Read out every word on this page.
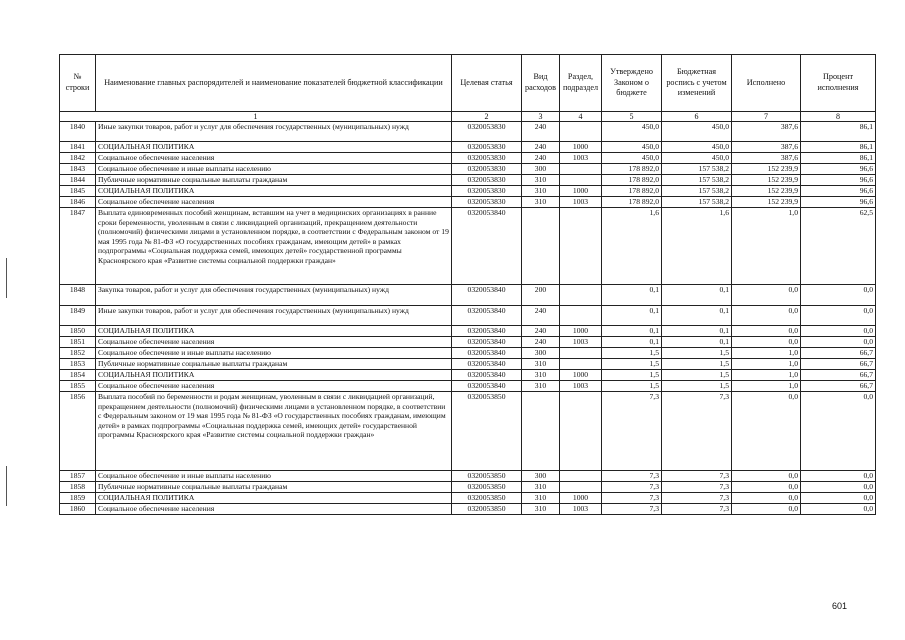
№ строки	Наименование главных распорядителей и наименование показателей бюджетной классификации	Целевая статья	Вид расходов	Раздел, подраздел	Утверждено Законом о бюджете	Бюджетная роспись с учетом изменений	Исполнено	Процент исполнения
1		2	3	4	5	6	7	8
1840	Иные закупки товаров, работ и услуг для обеспечения государственных (муниципальных) нужд	0320053830	240		450,0	450,0	387,6	86,1
1841	СОЦИАЛЬНАЯ ПОЛИТИКА	0320053830	240	1000	450,0	450,0	387,6	86,1
1842	Социальное обеспечение населения	0320053830	240	1003	450,0	450,0	387,6	86,1
1843	Социальное обеспечение и иные выплаты населению	0320053830	300		178 892,0	157 538,2	152 239,9	96,6
1844	Публичные нормативные социальные выплаты гражданам	0320053830	310		178 892,0	157 538,2	152 239,9	96,6
1845	СОЦИАЛЬНАЯ ПОЛИТИКА	0320053830	310	1000	178 892,0	157 538,2	152 239,9	96,6
1846	Социальное обеспечение населения	0320053830	310	1003	178 892,0	157 538,2	152 239,9	96,6
1847	Выплата единовременных пособий женщинам, вставшим на учет в медицинских организациях в ранние сроки беременности, уволенным в связи с ликвидацией организаций, прекращением деятельности (полномочий) физическими лицами в установленном порядке, в соответствии с Федеральным законом от 19 мая 1995 года № 81-ФЗ «О государственных пособиях гражданам, имеющим детей» в рамках подпрограммы «Социальная поддержка семей, имеющих детей» государственной программы Красноярского края «Развитие системы социальной поддержки граждан»	0320053840			1,6	1,6	1,0	62,5
1848	Закупка товаров, работ и услуг для обеспечения государственных (муниципальных) нужд	0320053840	200		0,1	0,1	0,0	0,0
1849	Иные закупки товаров, работ и услуг для обеспечения государственных (муниципальных) нужд	0320053840	240		0,1	0,1	0,0	0,0
1850	СОЦИАЛЬНАЯ ПОЛИТИКА	0320053840	240	1000	0,1	0,1	0,0	0,0
1851	Социальное обеспечение населения	0320053840	240	1003	0,1	0,1	0,0	0,0
1852	Социальное обеспечение и иные выплаты населению	0320053840	300		1,5	1,5	1,0	66,7
1853	Публичные нормативные социальные выплаты гражданам	0320053840	310		1,5	1,5	1,0	66,7
1854	СОЦИАЛЬНАЯ ПОЛИТИКА	0320053840	310	1000	1,5	1,5	1,0	66,7
1855	Социальное обеспечение населения	0320053840	310	1003	1,5	1,5	1,0	66,7
1856	Выплата пособий по беременности и родам женщинам, уволенным в связи с ликвидацией организаций, прекращением деятельности (полномочий) физическими лицами в установленном порядке, в соответствии с Федеральным законом от 19 мая 1995 года № 81-ФЗ «О государственных пособиях гражданам, имеющим детей» в рамках подпрограммы «Социальная поддержка семей, имеющих детей» государственной программы Красноярского края «Развитие системы социальной поддержки граждан»	0320053850			7,3	7,3	0,0	0,0
1857	Социальное обеспечение и иные выплаты населению	0320053850	300		7,3	7,3	0,0	0,0
1858	Публичные нормативные социальные выплаты гражданам	0320053850	310		7,3	7,3	0,0	0,0
1859	СОЦИАЛЬНАЯ ПОЛИТИКА	0320053850	310	1000	7,3	7,3	0,0	0,0
1860	Социальное обеспечение населения	0320053850	310	1003	7,3	7,3	0,0	0,0
601
